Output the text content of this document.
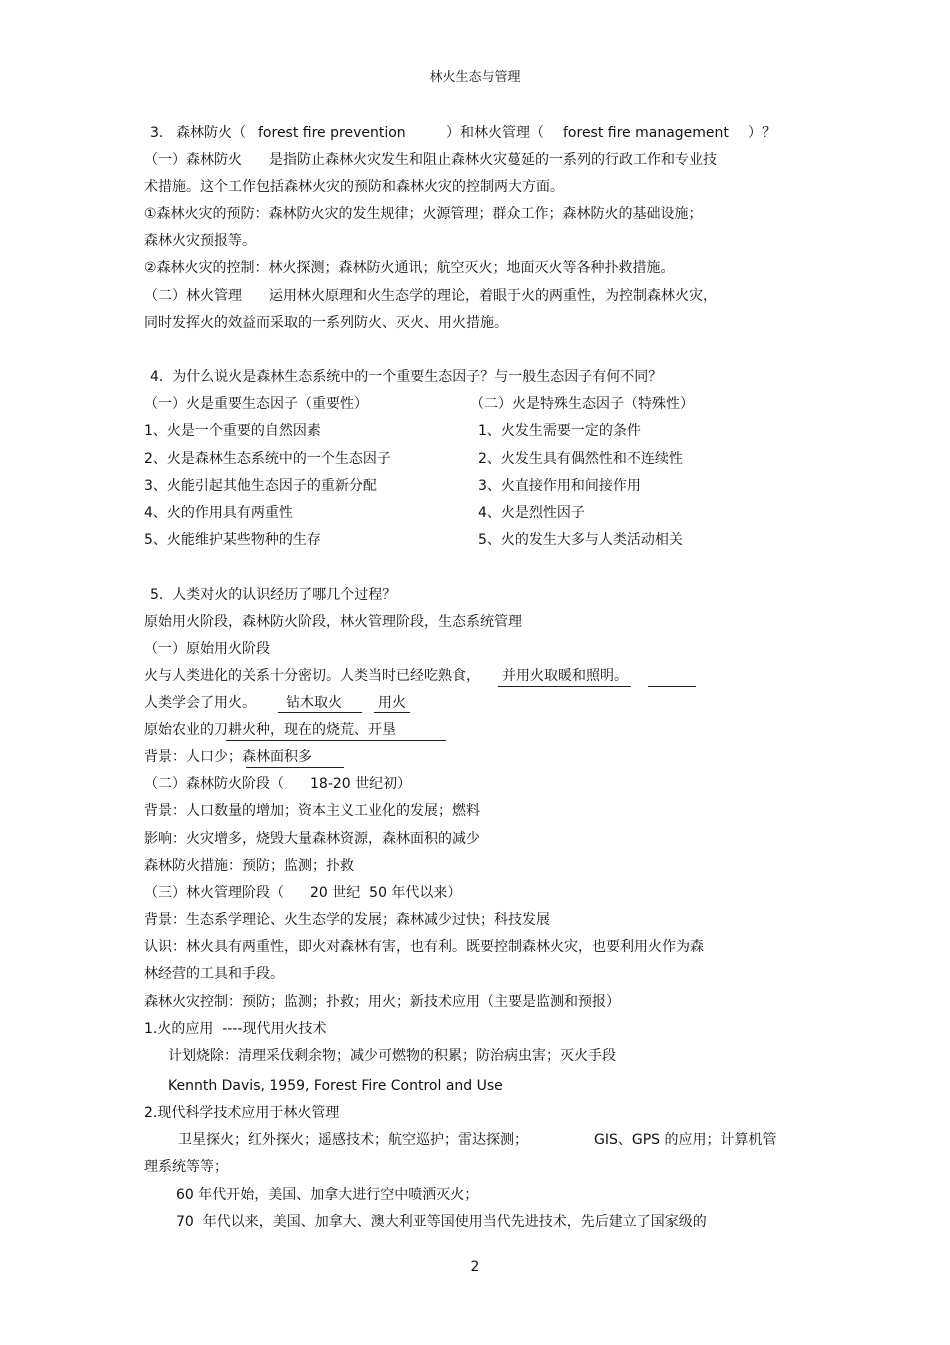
林火生态与管理
3. 森林防火（ forest fire prevention	）和林火管理（ forest fire management ）？
（一）森林防火 是指防止森林火灾发生和阻止森林火灾蔓延的一系列的行政工作和专业技
术措施。这个工作包括森林火灾的预防和森林火灾的控制两大方面。
①森林火灾的预防：森林防火灾的发生规律；火源管理；群众工作；森林防火的基础设施；
森林火灾预报等。
②森林火灾的控制：林火探测；森林防火通讯；航空灭火；地面灭火等各种扑救措施。
（二）林火管理 运用林火原理和火生态学的理论，着眼于火的两重性，为控制森林火灾，
同时发挥火的效益而采取的一系列防火、灭火、用火措施。
4.  为什么说火是森林生态系统中的一个重要生态因子？与一般生态因子有何不同？
（一）火是重要生态因子（重要性）	（二）火是特殊生态因子（特殊性）
1、火是一个重要的自然因素	1、火发生需要一定的条件
2、火是森林生态系统中的一个生态因子	2、火发生具有偶然性和不连续性
3、火能引起其他生态因子的重新分配	3、火直接作用和间接作用
4、火的作用具有两重性	4、火是烈性因子
5、火能维护某些物种的生存	5、火的发生大多与人类活动相关
5.  人类对火的认识经历了哪几个过程？
原始用火阶段，森林防火阶段，林火管理阶段，生态系统管理
（一）原始用火阶段
火与人类进化的关系十分密切。人类当时已经吃熟食， 并用火 取暖和 照明。
人类学会了用火。 钻木取火	用火
原始农业的刀耕火种，现在的烧荒、开垦
背景：人口少；森林面积多
（二）森林防火阶段（ 18-20 世纪初）
背景：人口数量的增加；资本主义工业化的发展；燃料
影响：火灾增多，烧毁大量森林资源，森林面积的减少
森林防火措施：预防；监测；扑救
（三）林火管理阶段（ 20 世纪  50 年代以来）
背景：生态系学理论、火生态学的发展；森林减少过快；科技发展
认识：林火具有两重性，即火对森林有害，也有利。既要控制森林火灾，也要利用火作为森
林经营的工具和手段。
森林火灾控制：预防；监测；扑救；用火；新技术应用（主要是监测和预报）
1.火的应用  ----现代用火技术
计划烧除：清理采伐剩余物；减少可燃物的积累；防治病虫害；灭火手段
Kennth Davis, 1959, Forest Fire Control and Use
2.现代科学技术应用于林火管理
卫星探火；红外探火；遥感技术；航空巡护；雷达探测；	GIS、GPS 的应用；计算机管
理系统等等；
60 年代开始，美国、加拿大进行空中喷洒灭火；
70  年代以来，美国、加拿大、澳大利亚等国使用当代先进技术，先后建立了国家级的
2
